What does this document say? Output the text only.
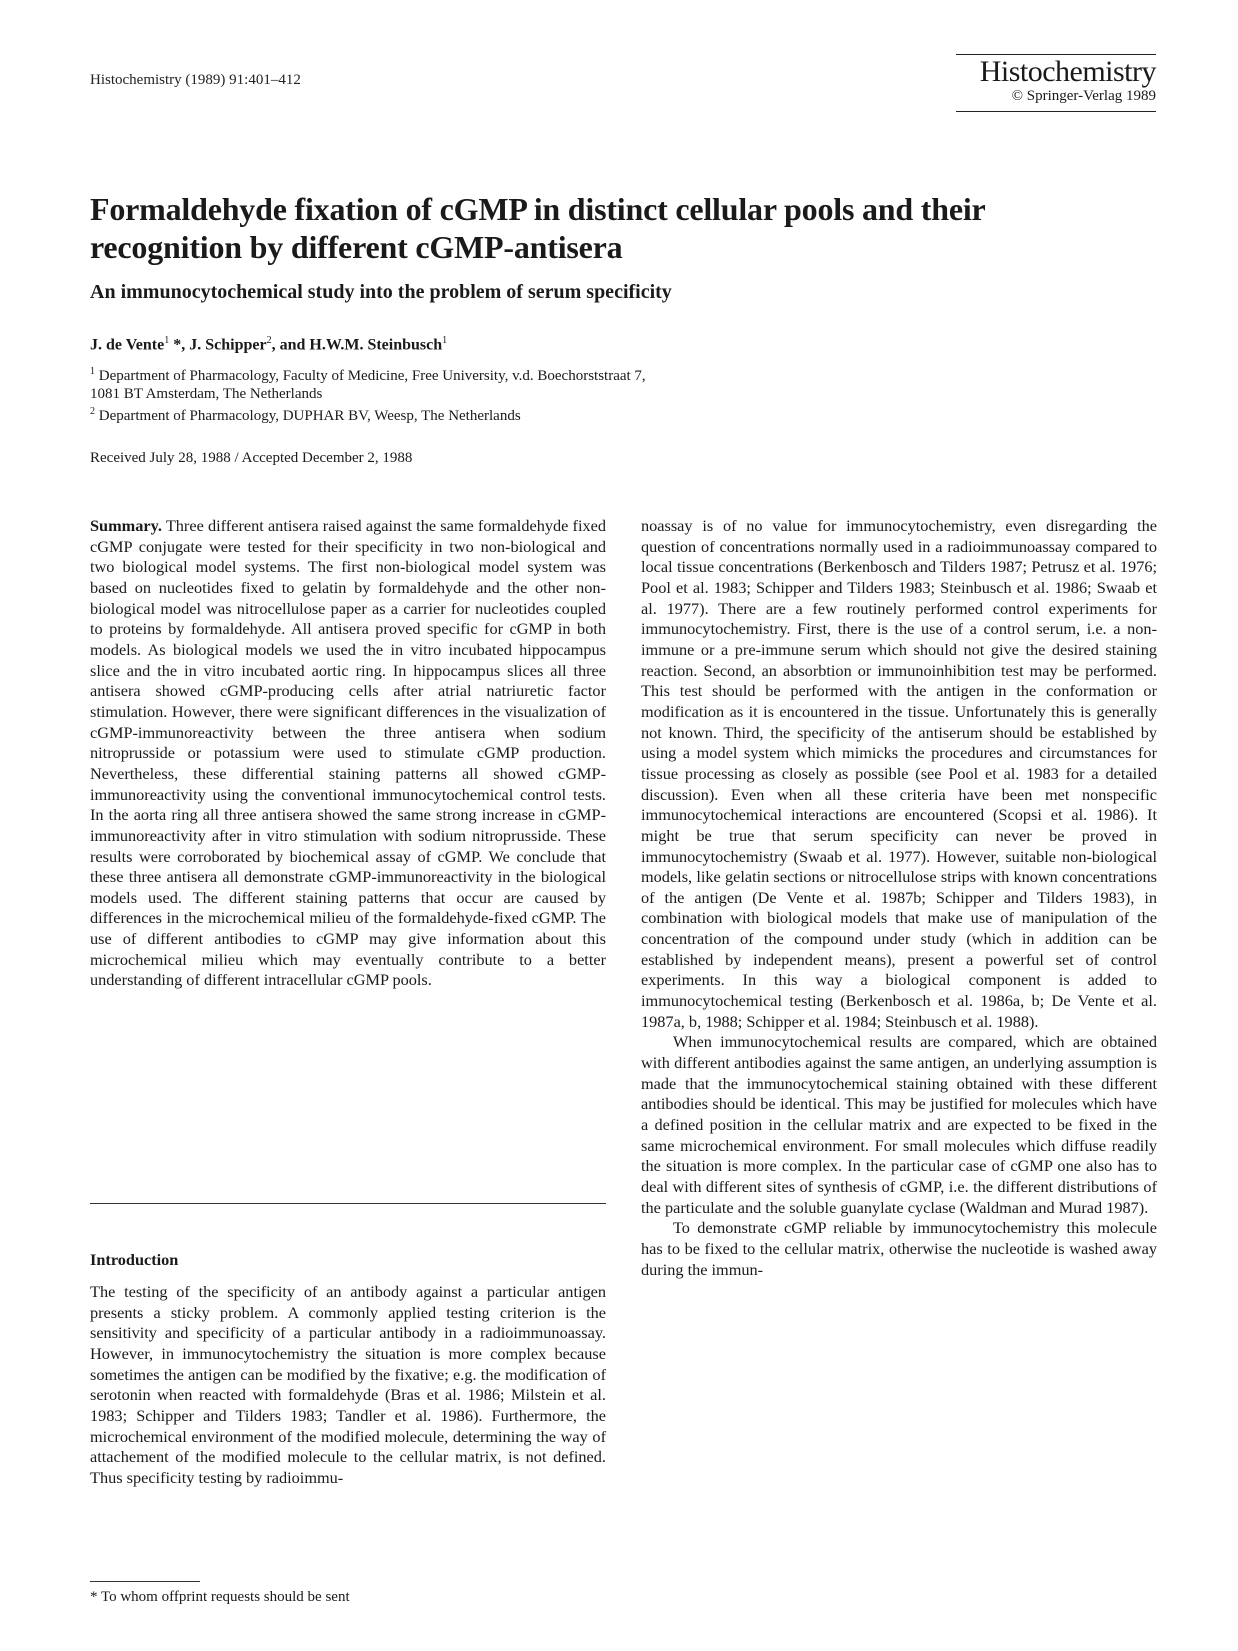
Histochemistry (1989) 91:401–412	Histochemistry
© Springer-Verlag 1989
Formaldehyde fixation of cGMP in distinct cellular pools and their recognition by different cGMP-antisera
An immunocytochemical study into the problem of serum specificity
J. de Vente$^1$ *, J. Schipper$^2$, and H.W.M. Steinbusch$^1$
$^1$ Department of Pharmacology, Faculty of Medicine, Free University, v.d. Boechorststraat 7,
1081 BT Amsterdam, The Netherlands
$^2$ Department of Pharmacology, DUPHAR BV, Weesp, The Netherlands
Received July 28, 1988 / Accepted December 2, 1988

Summary. Three different antisera raised against the same formaldehyde fixed cGMP conjugate were tested for their specificity in two non-biological and two biological model systems. The first non-biological model system was based on nucleotides fixed to gelatin by formaldehyde and the other non-biological model was nitrocellulose paper as a carrier for nucleotides coupled to proteins by formaldehyde. All antisera proved specific for cGMP in both models. As biological models we used the in vitro incubated hippocampus slice and the in vitro incubated aortic ring. In hippocampus slices all three antisera showed cGMP-producing cells after atrial natriuretic factor stimulation. However, there were significant differences in the visualization of cGMP-immunoreactivity between the three antisera when sodium nitroprusside or potassium were used to stimulate cGMP production. Nevertheless, these differential staining patterns all showed cGMP-immunoreactivity using the conventional immunocytochemical control tests. In the aorta ring all three antisera showed the same strong increase in cGMP-immunoreactivity after in vitro stimulation with sodium nitroprusside. These results were corroborated by biochemical assay of cGMP. We conclude that these three antisera all demonstrate cGMP-immunoreactivity in the biological models used. The different staining patterns that occur are caused by differences in the microchemical milieu of the formaldehyde-fixed cGMP. The use of different antibodies to cGMP may give information about this microchemical milieu which may eventually contribute to a better understanding of different intracellular cGMP pools.

Introduction

The testing of the specificity of an antibody against a particular antigen presents a sticky problem. A commonly applied testing criterion is the sensitivity and specificity of a particular antibody in a radioimmunoassay. However, in immunocytochemistry the situation is more complex because sometimes the antigen can be modified by the fixative; e.g. the modification of serotonin when reacted with formaldehyde (Bras et al. 1986; Milstein et al. 1983; Schipper and Tilders 1983; Tandler et al. 1986). Furthermore, the microchemical environment of the modified molecule, determining the way of attachement of the modified molecule to the cellular matrix, is not defined. Thus specificity testing by radioimmu-

* To whom offprint requests should be sent

noassay is of no value for immunocytochemistry, even disregarding the question of concentrations normally used in a radioimmunoassay compared to local tissue concentrations (Berkenbosch and Tilders 1987; Petrusz et al. 1976; Pool et al. 1983; Schipper and Tilders 1983; Steinbusch et al. 1986; Swaab et al. 1977). There are a few routinely performed control experiments for immunocytochemistry. First, there is the use of a control serum, i.e. a non-immune or a pre-immune serum which should not give the desired staining reaction. Second, an absorbtion or immunoinhibition test may be performed. This test should be performed with the antigen in the conformation or modification as it is encountered in the tissue. Unfortunately this is generally not known. Third, the specificity of the antiserum should be established by using a model system which mimicks the procedures and circumstances for tissue processing as closely as possible (see Pool et al. 1983 for a detailed discussion). Even when all these criteria have been met nonspecific immunocytochemical interactions are encountered (Scopsi et al. 1986). It might be true that serum specificity can never be proved in immunocytochemistry (Swaab et al. 1977). However, suitable non-biological models, like gelatin sections or nitrocellulose strips with known concentrations of the antigen (De Vente et al. 1987b; Schipper and Tilders 1983), in combination with biological models that make use of manipulation of the concentration of the compound under study (which in addition can be established by independent means), present a powerful set of control experiments. In this way a biological component is added to immunocytochemical testing (Berkenbosch et al. 1986a, b; De Vente et al. 1987a, b, 1988; Schipper et al. 1984; Steinbusch et al. 1988).

When immunocytochemical results are compared, which are obtained with different antibodies against the same antigen, an underlying assumption is made that the immunocytochemical staining obtained with these different antibodies should be identical. This may be justified for molecules which have a defined position in the cellular matrix and are expected to be fixed in the same microchemical environment. For small molecules which diffuse readily the situation is more complex. In the particular case of cGMP one also has to deal with different sites of synthesis of cGMP, i.e. the different distributions of the particulate and the soluble guanylate cyclase (Waldman and Murad 1987).

To demonstrate cGMP reliable by immunocytochemistry this molecule has to be fixed to the cellular matrix, otherwise the nucleotide is washed away during the immun-
